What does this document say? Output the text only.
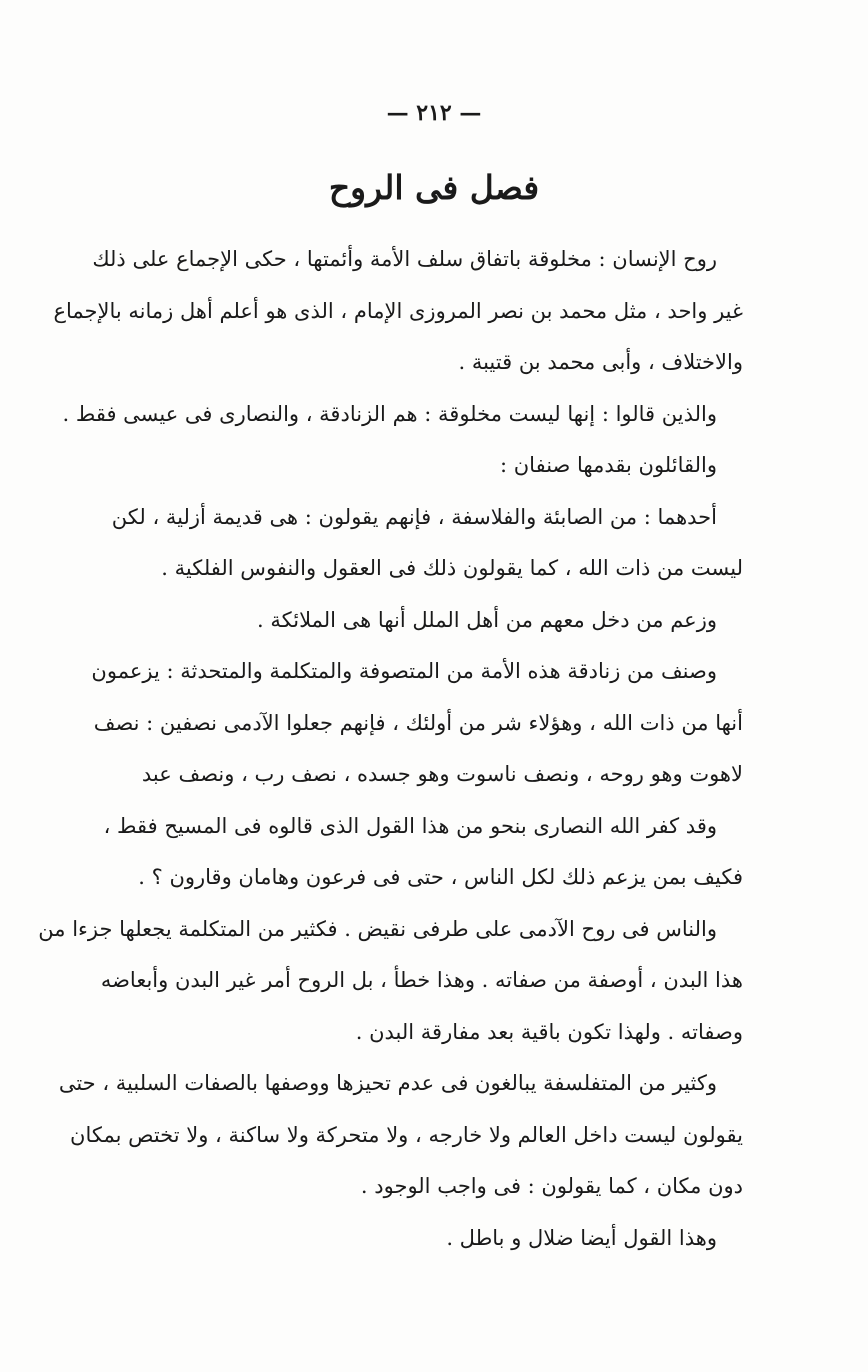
— ٢١٢ —
فصل فى الروح
روح الإنسان : مخلوقة باتفاق سلف الأمة وأئمتها ، حكى الإجماع على ذلك
غير واحد ، مثل محمد بن نصر المروزى الإمام ، الذى هو أعلم أهل زمانه بالإجماع
والاختلاف ، وأبى محمد بن قتيبة .
والذين قالوا : إنها ليست مخلوقة : هم الزنادقة ، والنصارى فى عيسى فقط .
والقائلون بقدمها صنفان :
أحدهما : من الصابئة والفلاسفة ، فإنهم يقولون : هى قديمة أزلية ، لكن
ليست من ذات الله ، كما يقولون ذلك فى العقول والنفوس الفلكية .
وزعم من دخل معهم من أهل الملل أنها هى الملائكة .
وصنف من زنادقة هذه الأمة من المتصوفة والمتكلمة والمتحدثة : يزعمون
أنها من ذات الله ، وهؤلاء شر من أولئك ، فإنهم جعلوا الآدمى نصفين : نصف
لاهوت وهو روحه ، ونصف ناسوت وهو جسده ، نصف رب ، ونصف عبد
وقد كفر الله النصارى بنحو من هذا القول الذى قالوه فى المسيح فقط ،
فكيف بمن يزعم ذلك لكل الناس ، حتى فى فرعون وهامان وقارون ؟ .
والناس فى روح الآدمى على طرفى نقيض . فكثير من المتكلمة يجعلها جزءا من
هذا البدن ، أوصفة من صفاته . وهذا خطأ ، بل الروح أمر غير البدن وأبعاضه
وصفاته . ولهذا تكون باقية بعد مفارقة البدن .
وكثير من المتفلسفة يبالغون فى عدم تحيزها ووصفها بالصفات السلبية ، حتى
يقولون ليست داخل العالم ولا خارجه ، ولا متحركة ولا ساكنة ، ولا تختص بمكان
دون مكان ، كما يقولون : فى واجب الوجود .
وهذا القول أيضا ضلال و باطل .
